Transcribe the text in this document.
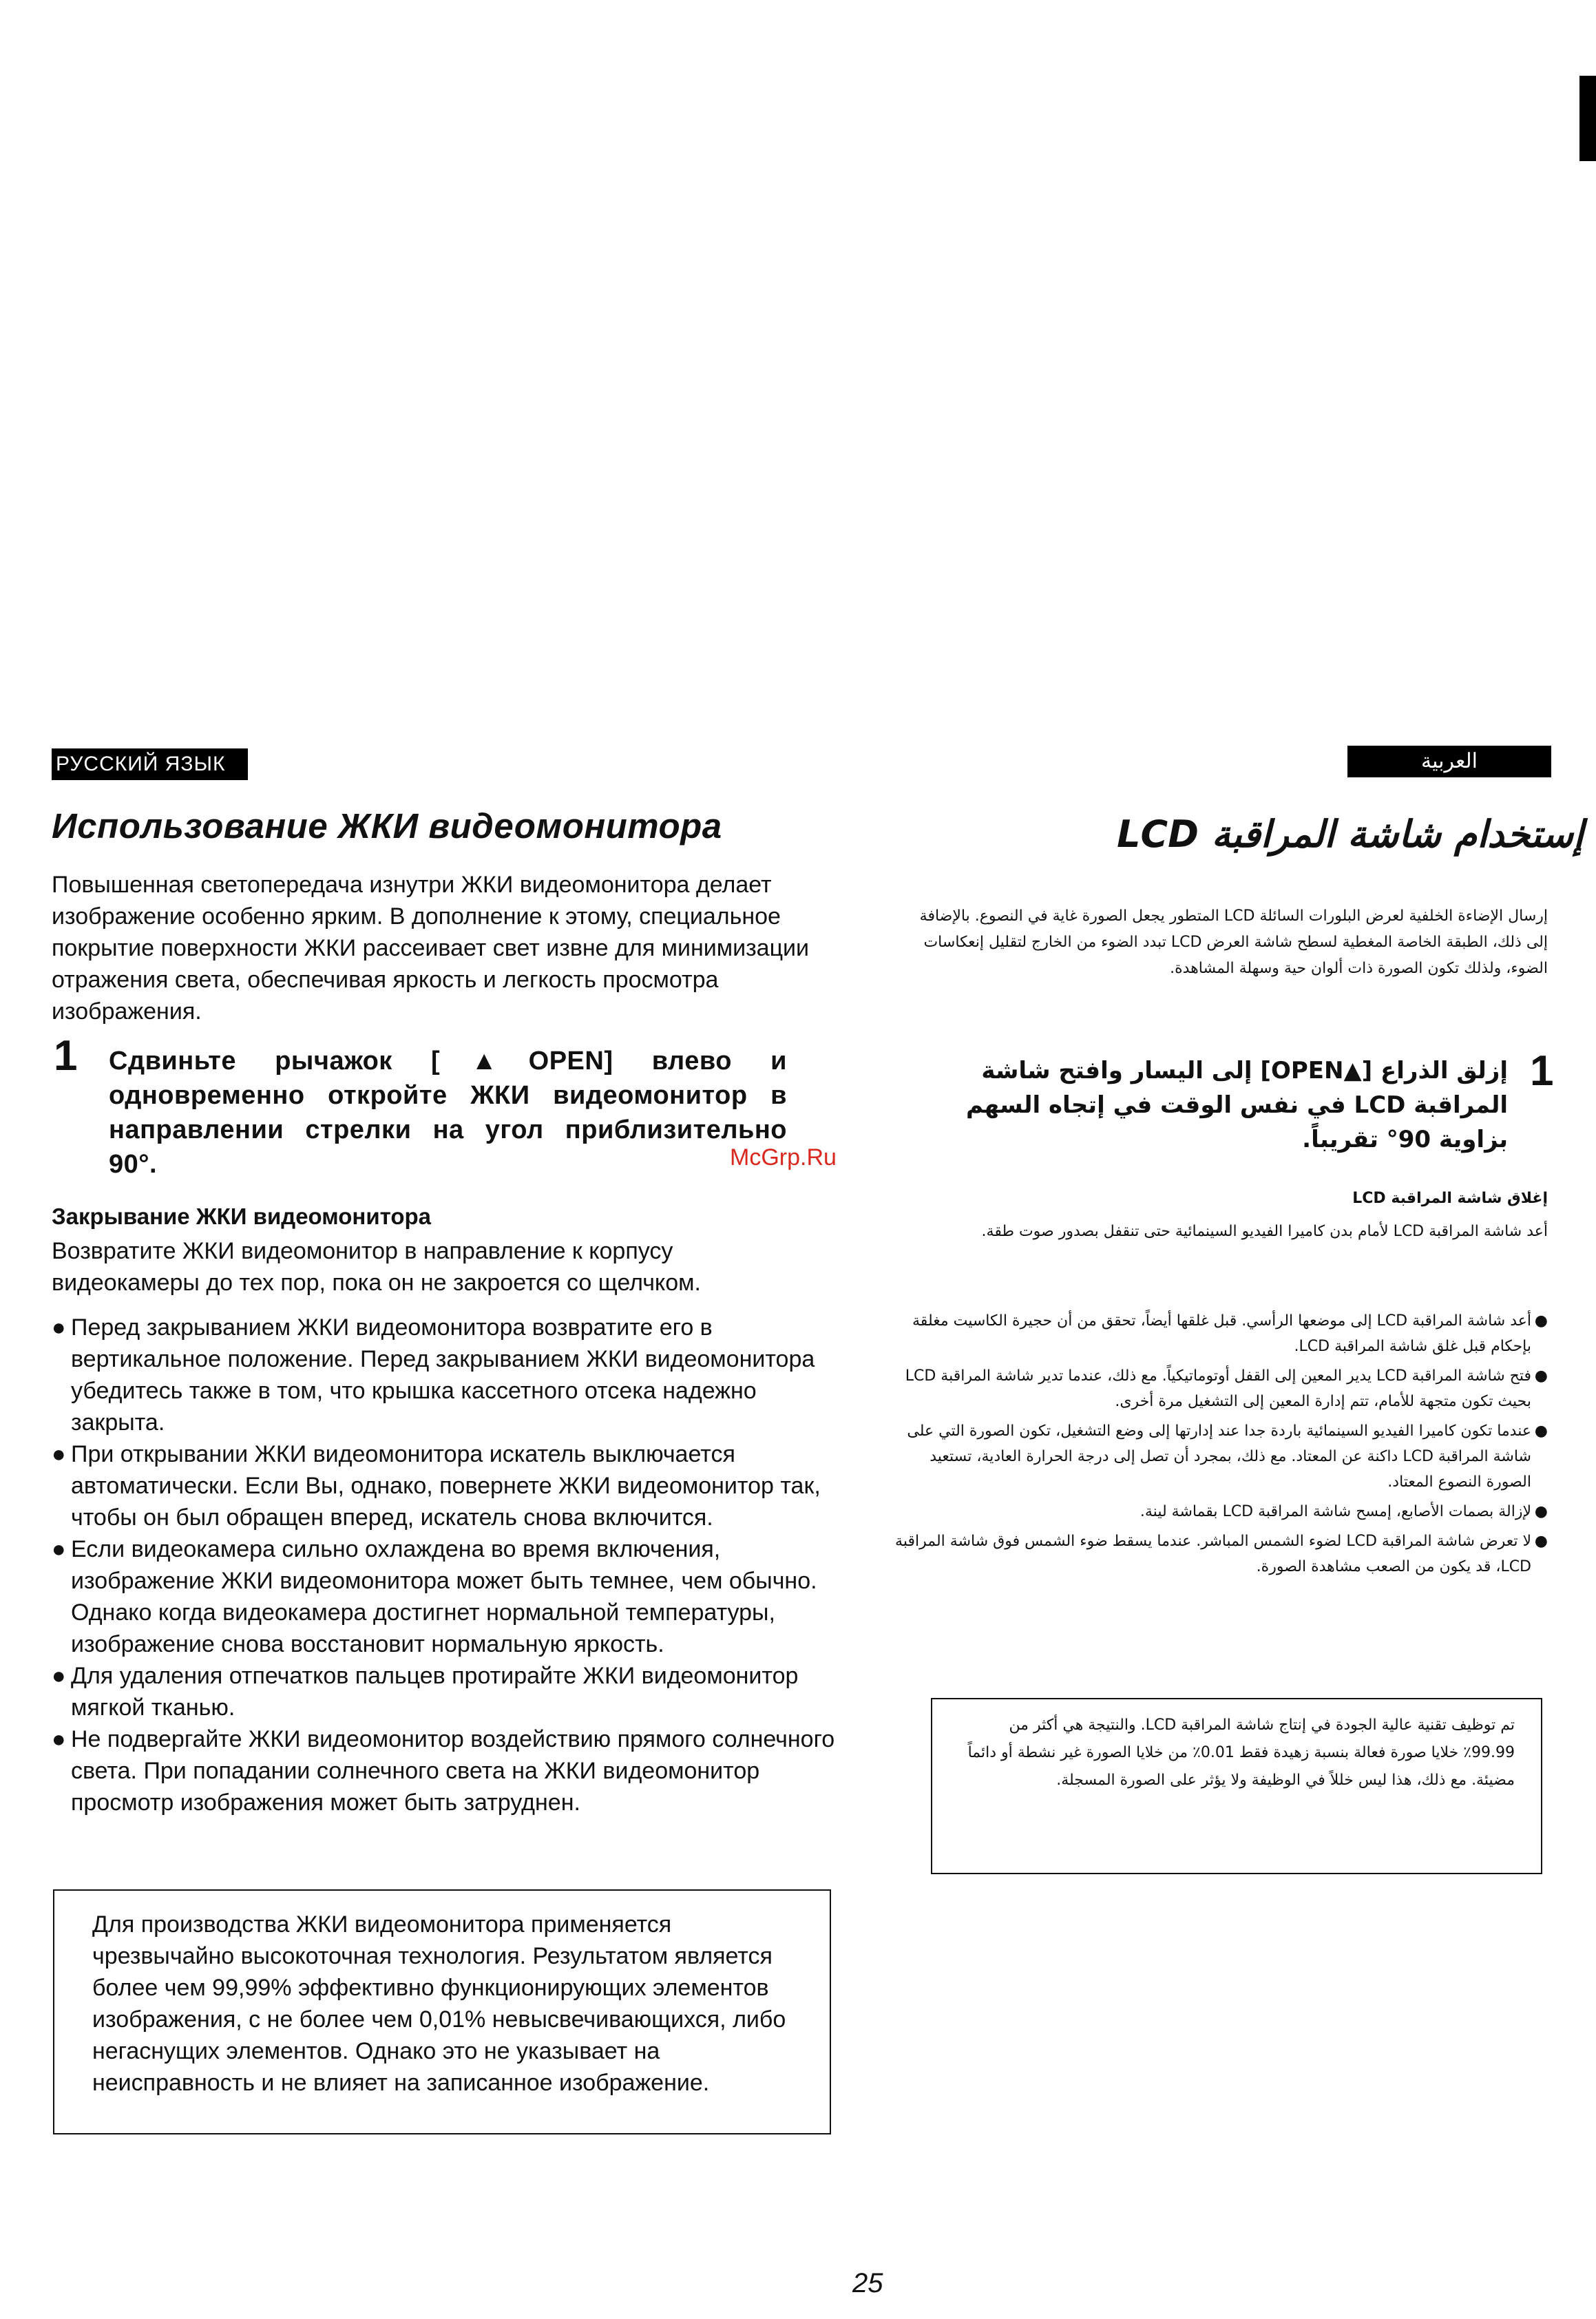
РУССКИЙ ЯЗЫК
Использование ЖКИ видеомонитора
Повышенная светопередача изнутри ЖКИ видеомонитора делает изображение особенно ярким. В дополнение к этому, специальное покрытие поверхности ЖКИ рассеивает свет извне для минимизации отражения света, обеспечивая яркость и легкость просмотра изображения.
1 Сдвиньте рычажок [▲OPEN] влево и одновременно откройте ЖКИ видеомонитор в направлении стрелки на угол приблизительно 90°.	McGrp.Ru
Закрывание ЖКИ видеомонитора
Возвратите ЖКИ видеомонитор в направление к корпусу видеокамеры до тех пор, пока он не закроется со щелчком.
● Перед закрыванием ЖКИ видеомонитора возвратите его в вертикальное положение. Перед закрыванием ЖКИ видеомонитора убедитесь также в том, что крышка кассетного отсека надежно закрыта.
● При открывании ЖКИ видеомонитора искатель выключается автоматически. Если Вы, однако, повернете ЖКИ видеомонитор так, чтобы он был обращен вперед, искатель снова включится.
● Если видеокамера сильно охлаждена во время включения, изображение ЖКИ видеомонитора может быть темнее, чем обычно. Однако когда видеокамера достигнет нормальной температуры, изображение снова восстановит нормальную яркость.
● Для удаления отпечатков пальцев протирайте ЖКИ видеомонитор мягкой тканью.
● Не подвергайте ЖКИ видеомонитор воздействию прямого солнечного света. При попадании солнечного света на ЖКИ видеомонитор просмотр изображения может быть затруднен.
Для производства ЖКИ видеомонитора применяется чрезвычайно высокоточная технология. Результатом является более чем 99,99% эффективно функционирующих элементов изображения, с не более чем 0,01% невысвечивающихся, либо негаснущих элементов. Однако это не указывает на неисправность и не влияет на записанное изображение.
العربية
إستخدام شاشة المراقبة LCD
إرسال الإضاءة الخلفية لعرض البلورات السائلة LCD المتطور يجعل الصورة غاية في النصوع. بالإضافة إلى ذلك، الطبقة الخاصة المغطية لسطح شاشة العرض LCD تبدد الضوء من الخارج لتقليل إنعكاسات الضوء، ولذلك تكون الصورة ذات ألوان حية وسهلة المشاهدة.
1
إزلق الذراع [▲OPEN] إلى اليسار وافتح شاشة المراقبة LCD في نفس الوقت في إتجاه السهم بزاوية 90° تقريباً.
إغلاق شاشة المراقبة LCD
أعد شاشة المراقبة LCD لأمام بدن كاميرا الفيديو السينمائية حتى تنقفل بصدور صوت طقة.
●
أعد شاشة المراقبة LCD إلى موضعها الرأسي. قبل غلقها أيضاً، تحقق من أن حجيرة الكاسيت مغلقة بإحكام قبل غلق شاشة المراقبة LCD.
●
فتح شاشة المراقبة LCD يدير المعين إلى القفل أوتوماتيكياً. مع ذلك، عندما تدير شاشة المراقبة LCD بحيث تكون متجهة للأمام، تتم إدارة المعين إلى التشغيل مرة أخرى.
●
عندما تكون كاميرا الفيديو السينمائية باردة جدا عند إدارتها إلى وضع التشغيل، تكون الصورة التي على شاشة المراقبة LCD داكنة عن المعتاد. مع ذلك، بمجرد أن تصل إلى درجة الحرارة العادية، تستعيد الصورة النصوع المعتاد.
●
لإزالة بصمات الأصابع، إمسح شاشة المراقبة LCD بقماشة لينة.
●
لا تعرض شاشة المراقبة LCD لضوء الشمس المباشر. عندما يسقط ضوء الشمس فوق شاشة المراقبة LCD، قد يكون من الصعب مشاهدة الصورة.
تم توظيف تقنية عالية الجودة في إنتاج شاشة المراقبة LCD. والنتيجة هي أكثر من 99.99٪ خلايا صورة فعالة بنسبة زهيدة فقط 0.01٪ من خلايا الصورة غير نشطة أو دائماً مضيئة. مع ذلك، هذا ليس خللاً في الوظيفة ولا يؤثر على الصورة المسجلة.
25
